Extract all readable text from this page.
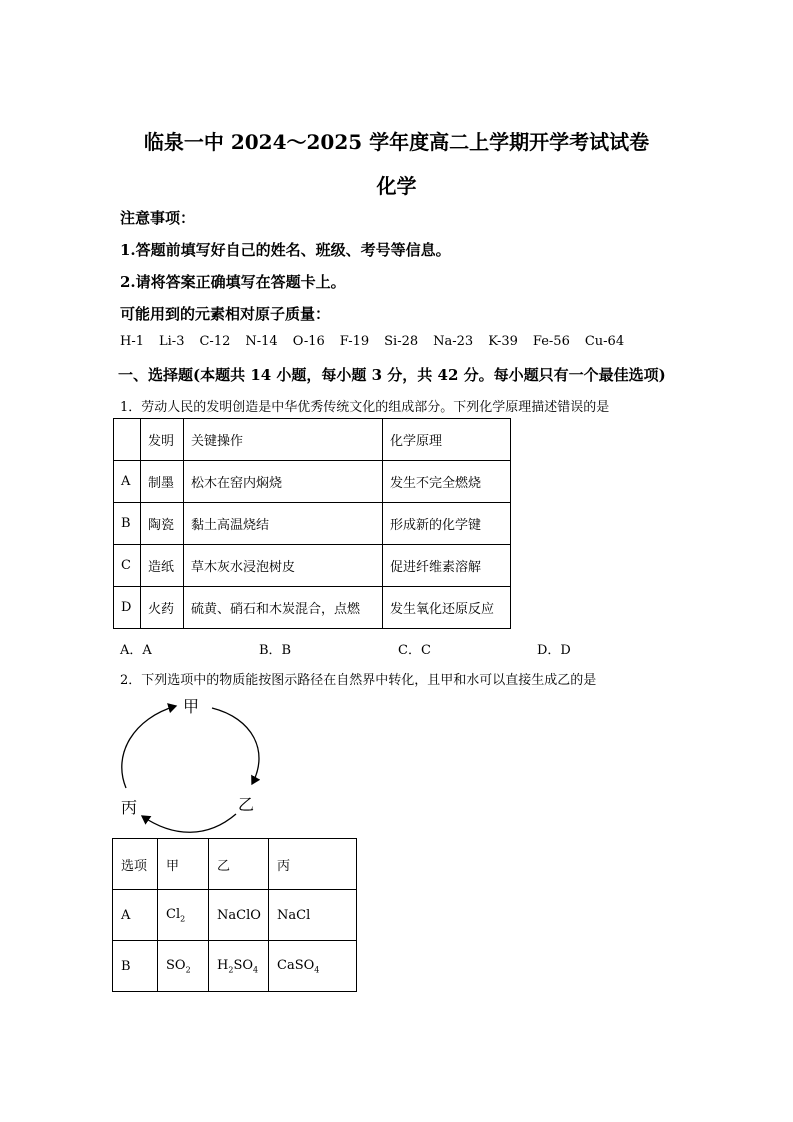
临泉一中 2024～2025 学年度高二上学期开学考试试卷
化学
注意事项：
1.答题前填写好自己的姓名、班级、考号等信息。
2.请将答案正确填写在答题卡上。
可能用到的元素相对原子质量：
H-1 Li-3 C-12 N-14 O-16 F-19 Si-28 Na-23 K-39 Fe-56 Cu-64
一、选择题(本题共 14 小题，每小题 3 分，共 42 分。每小题只有一个最佳选项)
1．劳动人民的发明创造是中华优秀传统文化的组成部分。下列化学原理描述错误的是
	发明	关键操作	化学原理
A	制墨	松木在窑内焖烧	发生不完全燃烧
B	陶瓷	黏土高温烧结	形成新的化学键
C	造纸	草木灰水浸泡树皮	促进纤维素溶解
D	火药	硫黄、硝石和木炭混合，点燃	发生氧化还原反应
A．A	B．B	C．C	D．D
2．下列选项中的物质能按图示路径在自然界中转化，且甲和水可以直接生成乙的是
甲
乙
丙
选项	甲	乙	丙
A	$Cl_2$	NaClO	NaCl
B	$SO_2$	$H_2SO_4$	CaSO$_4$
